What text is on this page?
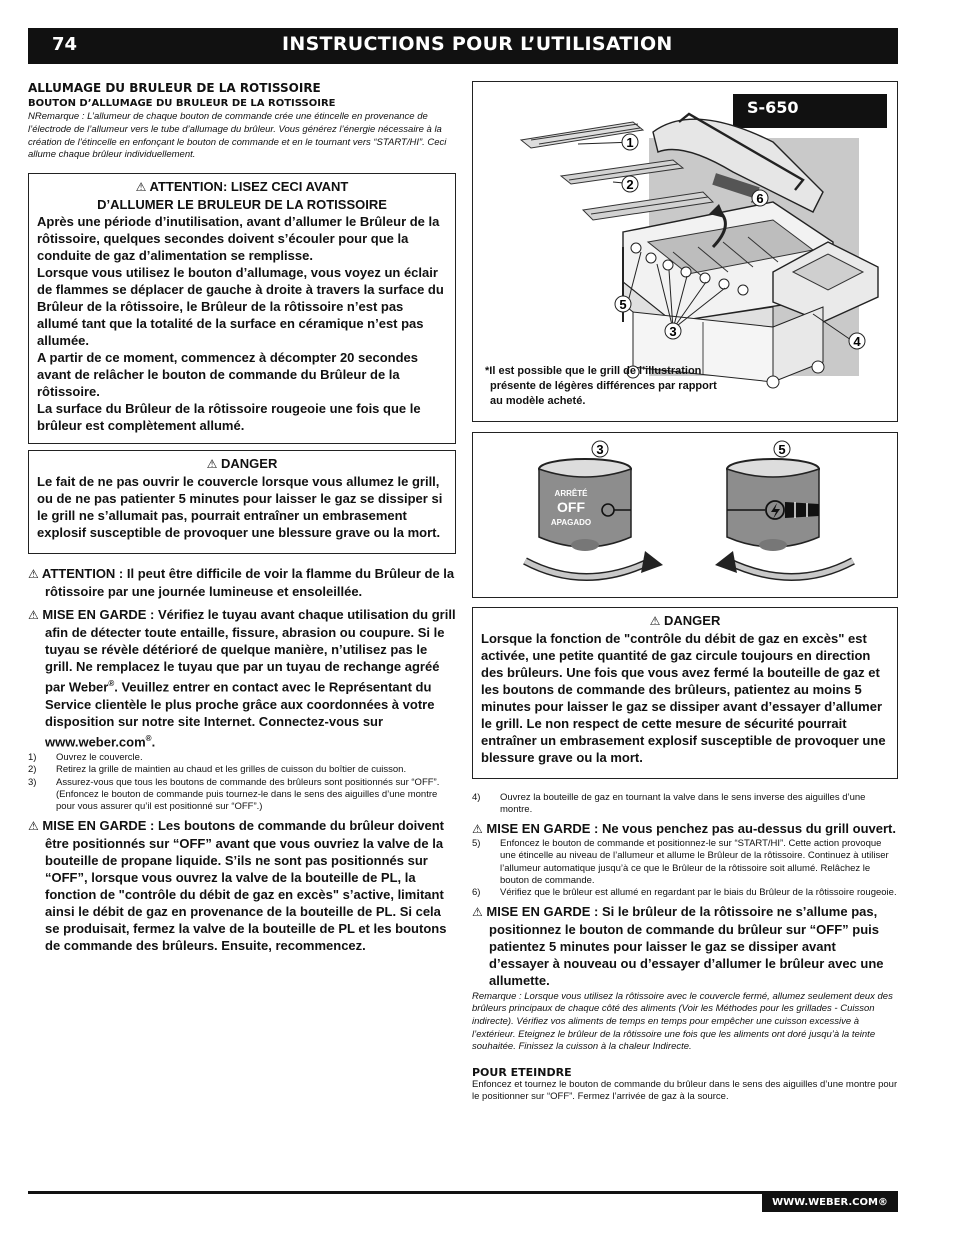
74	INSTRUCTIONS POUR L’UTILISATION
ALLUMAGE DU BRULEUR DE LA ROTISSOIRE
BOUTON D’ALLUMAGE DU BRULEUR DE LA ROTISSOIRE
NRemarque : L’allumeur de chaque bouton de commande crée une étincelle en provenance de l’électrode de l’allumeur vers le tube d’allumage du brûleur. Vous générez l’énergie nécessaire à la création de l’étincelle en enfonçant le bouton de commande et en le tournant vers “START/HI”. Ceci allume chaque brûleur individuellement.
⚠ ATTENTION: LISEZ CECI AVANT
D’ALLUMER LE BRULEUR DE LA ROTISSOIRE

Après une période d’inutilisation, avant d’allumer le Brûleur de la rôtissoire, quelques secondes doivent s’écouler pour que la conduite de gaz d’alimentation se remplisse.

Lorsque vous utilisez le bouton d’allumage, vous voyez un éclair de flammes se déplacer de gauche à droite à travers la surface du Brûleur de la rôtissoire, le Brûleur de la rôtissoire n’est pas allumé tant que la totalité de la surface en céramique n’est pas allumée.

A partir de ce moment, commencez à décompter 20 secondes avant de relâcher le bouton de commande du Brûleur de la rôtissoire.

La surface du Brûleur de la rôtissoire rougeoie une fois que le brûleur est complètement allumé.

⚠ DANGER
Le fait de ne pas ouvrir le couvercle lorsque vous allumez le grill, ou de ne pas patienter 5 minutes pour laisser le gaz se dissiper si le grill ne s’allumait pas, pourrait entraîner un embrasement explosif susceptible de provoquer une blessure grave ou la mort.
⚠ ATTENTION : Il peut être difficile de voir la flamme du Brûleur de la rôtissoire par une journée lumineuse et ensoleillée.
⚠ MISE EN GARDE : Vérifiez le tuyau avant chaque utilisation du grill afin de détecter toute entaille, fissure, abrasion ou coupure. Si le tuyau se révèle détérioré de quelque manière, n’utilisez pas le grill. Ne remplacez le tuyau que par un tuyau de rechange agréé par Weber®. Veuillez entrer en contact avec le Représentant du Service clientèle le plus proche grâce aux coordonnées à votre disposition sur notre site Internet. Connectez-vous sur www.weber.com®.
1) Ouvrez le couvercle.
2) Retirez la grille de maintien au chaud et les grilles de cuisson du boîtier de cuisson.
3) Assurez-vous que tous les boutons de commande des brûleurs sont positionnés sur “OFF”. (Enfoncez le bouton de commande puis tournez-le dans le sens des aiguilles d’une montre pour vous assurer qu’il est positionné sur “OFF”.)
⚠ MISE EN GARDE : Les boutons de commande du brûleur doivent être positionnés sur “OFF” avant que vous ouvriez la valve de la bouteille de propane liquide. S’ils ne sont pas positionnés sur “OFF”, lorsque vous ouvrez la valve de la bouteille de PL, la fonction de "contrôle du débit de gaz en excès" s’active, limitant ainsi le débit de gaz en provenance de la bouteille de PL. Si cela se produisait, fermez la valve de la bouteille de PL et les boutons de commande des brûleurs. Ensuite, recommencez.
S-650
1
2
3
4
5
6
*Il est possible que le grill de l’illustration
présente de légères différences par rapport
au modèle acheté.
ARRÊTÉ
OFF
APAGADO
3	5
⚠ DANGER
Lorsque la fonction de "contrôle du débit de gaz en excès" est activée, une petite quantité de gaz circule toujours en direction des brûleurs. Une fois que vous avez fermé la bouteille de gaz et les boutons de commande des brûleurs, patientez au moins 5 minutes pour laisser le gaz se dissiper avant d’essayer d’allumer le grill. Le non respect de cette mesure de sécurité pourrait entraîner un embrasement explosif susceptible de provoquer une blessure grave ou la mort.
4) Ouvrez la bouteille de gaz en tournant la valve dans le sens inverse des aiguilles d’une montre.
⚠ MISE EN GARDE : Ne vous penchez pas au-dessus du grill ouvert.
5) Enfoncez le bouton de commande et positionnez-le sur “START/HI”. Cette action provoque une étincelle au niveau de l’allumeur et allume le Brûleur de la rôtissoire. Continuez à utiliser l’allumeur automatique jusqu’à ce que le Brûleur de la rôtissoire soit allumé. Relâchez le bouton de commande.
6) Vérifiez que le brûleur est allumé en regardant par le biais du Brûleur de la rôtissoire rougeoie.
⚠ MISE EN GARDE : Si le brûleur de la rôtissoire ne s’allume pas, positionnez le bouton de commande du brûleur sur “OFF” puis patientez 5 minutes pour laisser le gaz se dissiper avant d’essayer à nouveau ou d’essayer d’allumer le brûleur avec une allumette.
Remarque : Lorsque vous utilisez la rôtissoire avec le couvercle fermé, allumez seulement deux des brûleurs principaux de chaque côté des aliments (Voir les Méthodes pour les grillades - Cuisson indirecte). Vérifiez vos aliments de temps en temps pour empêcher une cuisson excessive à l’extérieur. Eteignez le brûleur de la rôtissoire une fois que les aliments ont doré jusqu’à la teinte souhaitée. Finissez la cuisson à la chaleur Indirecte.
POUR ETEINDRE
Enfoncez et tournez le bouton de commande du brûleur dans le sens des aiguilles d’une montre pour le positionner sur “OFF”. Fermez l’arrivée de gaz à la source.
WWW.WEBER.COM®
